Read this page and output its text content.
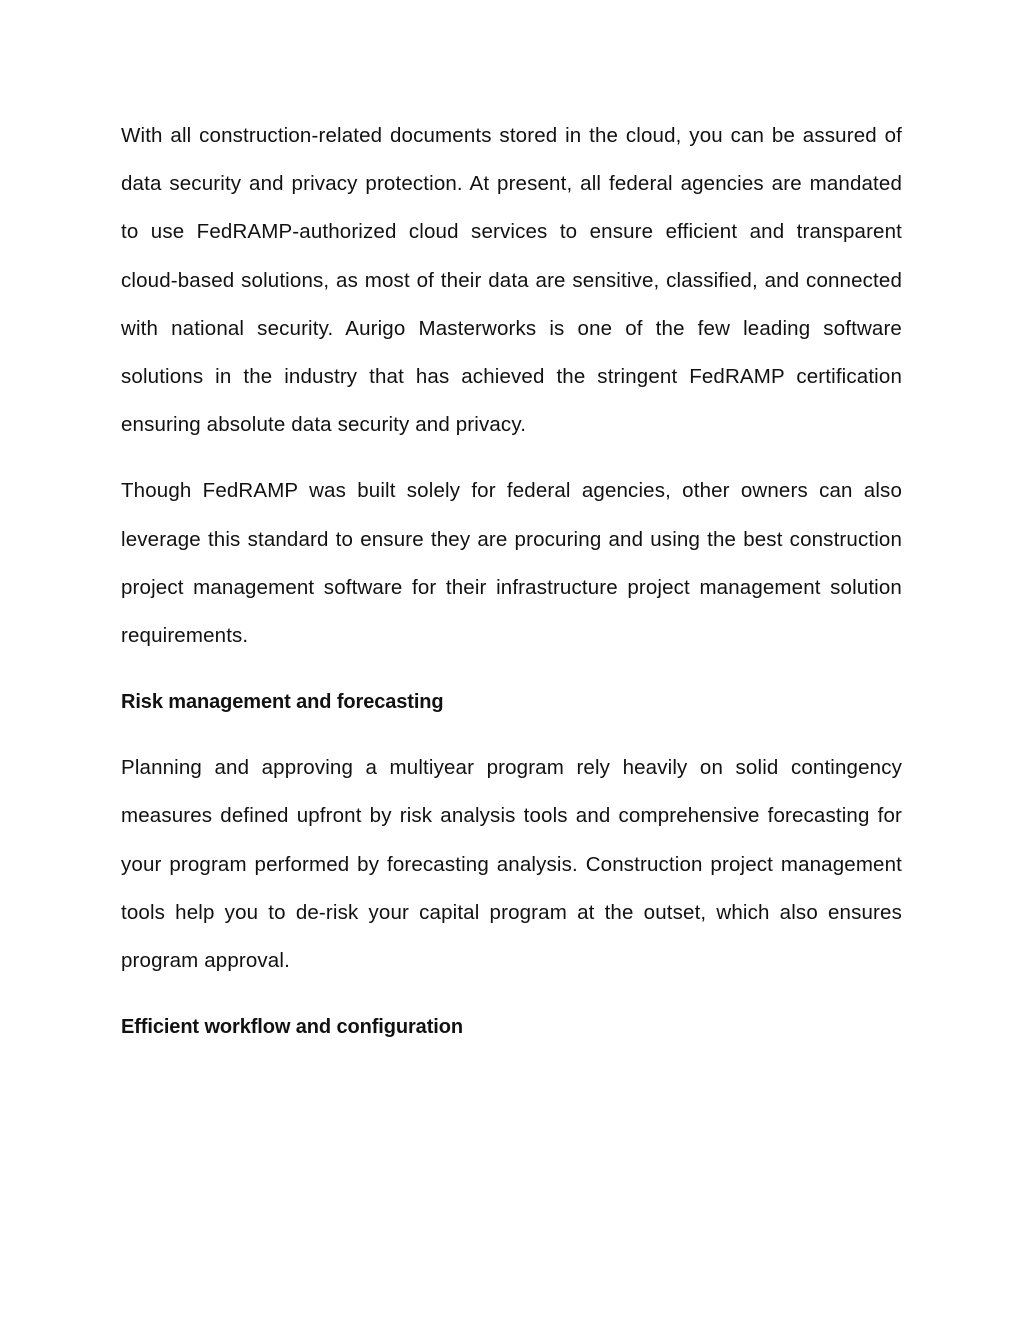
With all construction-related documents stored in the cloud, you can be assured of data security and privacy protection. At present, all federal agencies are mandated to use FedRAMP-authorized cloud services to ensure efficient and transparent cloud-based solutions, as most of their data are sensitive, classified, and connected with national security. Aurigo Masterworks is one of the few leading software solutions in the industry that has achieved the stringent FedRAMP certification ensuring absolute data security and privacy.

Though FedRAMP was built solely for federal agencies, other owners can also leverage this standard to ensure they are procuring and using the best construction project management software for their infrastructure project management solution requirements.

Risk management and forecasting

Planning and approving a multiyear program rely heavily on solid contingency measures defined upfront by risk analysis tools and comprehensive forecasting for your program performed by forecasting analysis. Construction project management tools help you to de-risk your capital program at the outset, which also ensures program approval.

Efficient workflow and configuration
